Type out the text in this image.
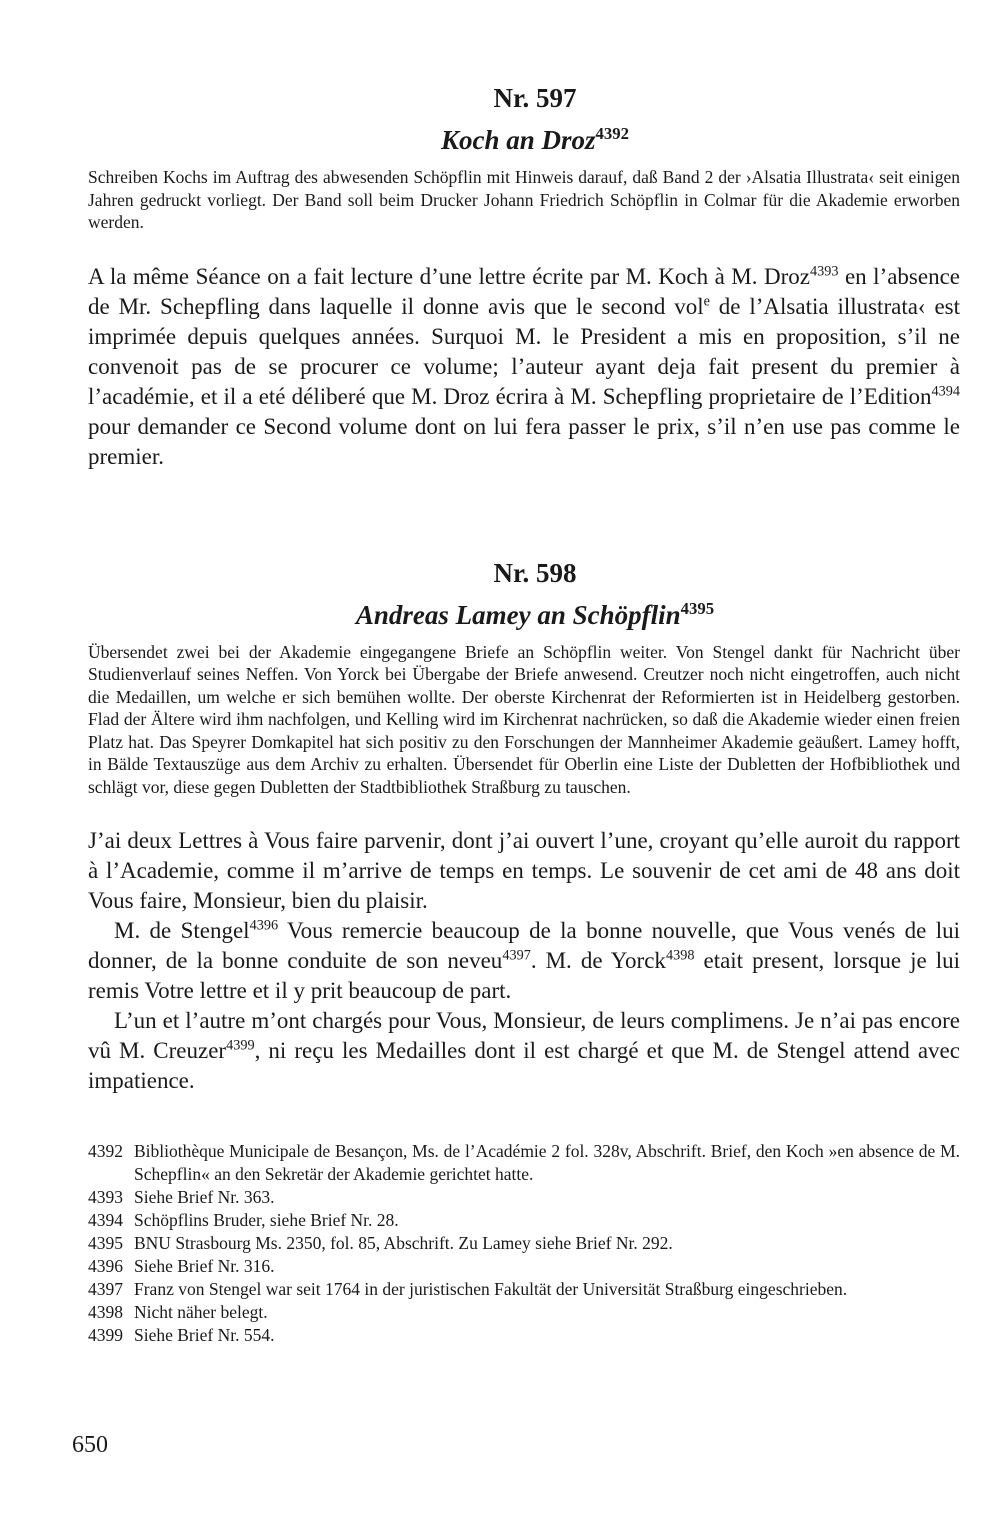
Nr. 597
Koch an Droz$^{4392}$

Schreiben Kochs im Auftrag des abwesenden Schöpflin mit Hinweis darauf, daß Band 2 der ›Alsatia Illustrata‹ seit einigen Jahren gedruckt vorliegt. Der Band soll beim Drucker Johann Friedrich Schöpflin in Colmar für die Akademie erworben werden.

A la même Séance on a fait lecture d’une lettre écrite par M. Koch à M. Droz$^{4393}$ en l’absence de Mr. Schepfling dans laquelle il donne avis que le second vol$^e$ de l’Alsatia illustrata‹ est imprimée depuis quelques années. Surquoi M. le President a mis en proposition, s’il ne convenoit pas de se procurer ce volume; l’auteur ayant deja fait present du premier à l’académie, et il a eté déliberé que M. Droz écrira à M. Schepfling proprietaire de l’Edition$^{4394}$ pour demander ce Second volume dont on lui fera passer le prix, s’il n’en use pas comme le premier.

Nr. 598
Andreas Lamey an Schöpflin$^{4395}$

Übersendet zwei bei der Akademie eingegangene Briefe an Schöpflin weiter. Von Stengel dankt für Nachricht über Studienverlauf seines Neffen. Von Yorck bei Übergabe der Briefe anwesend. Creutzer noch nicht eingetroffen, auch nicht die Medaillen, um welche er sich bemühen wollte. Der oberste Kirchenrat der Reformierten ist in Heidelberg gestorben. Flad der Ältere wird ihm nachfolgen, und Kelling wird im Kirchenrat nachrücken, so daß die Akademie wieder einen freien Platz hat. Das Speyrer Domkapitel hat sich positiv zu den Forschungen der Mannheimer Akademie geäußert. Lamey hofft, in Bälde Textauszüge aus dem Archiv zu erhalten. Übersendet für Oberlin eine Liste der Dubletten der Hofbibliothek und schlägt vor, diese gegen Dubletten der Stadtbibliothek Straßburg zu tauschen.

J’ai deux Lettres à Vous faire parvenir, dont j’ai ouvert l’une, croyant qu’elle auroit du rapport à l’Academie, comme il m’arrive de temps en temps. Le souvenir de cet ami de 48 ans doit Vous faire, Monsieur, bien du plaisir.

M. de Stengel$^{4396}$ Vous remercie beaucoup de la bonne nouvelle, que Vous venés de lui donner, de la bonne conduite de son neveu$^{4397}$. M. de Yorck$^{4398}$ etait present, lorsque je lui remis Votre lettre et il y prit beaucoup de part.

L’un et l’autre m’ont chargés pour Vous, Monsieur, de leurs complimens. Je n’ai pas encore vû M. Creuzer$^{4399}$, ni reçu les Medailles dont il est chargé et que M. de Stengel attend avec impatience.

4392 Bibliothèque Municipale de Besançon, Ms. de l’Académie 2 fol. 328v, Abschrift. Brief, den Koch »en absence de M. Schepflin« an den Sekretär der Akademie gerichtet hatte.
4393 Siehe Brief Nr. 363.
4394 Schöpflins Bruder, siehe Brief Nr. 28.
4395 BNU Strasbourg Ms. 2350, fol. 85, Abschrift. Zu Lamey siehe Brief Nr. 292.
4396 Siehe Brief Nr. 316.
4397 Franz von Stengel war seit 1764 in der juristischen Fakultät der Universität Straßburg eingeschrieben.
4398 Nicht näher belegt.
4399 Siehe Brief Nr. 554.
650
